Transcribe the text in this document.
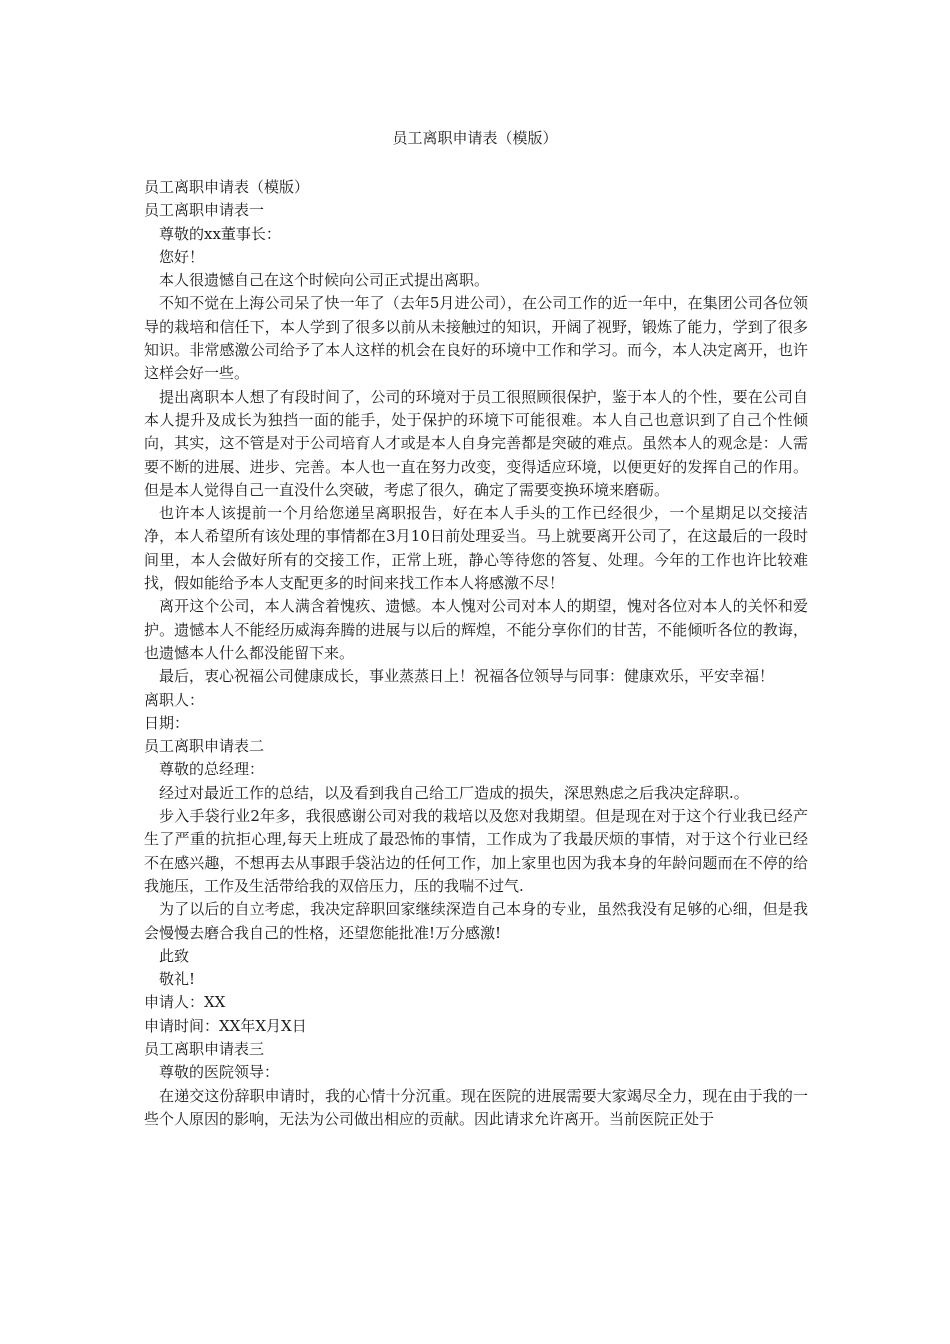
员工离职申请表（模版）

员工离职申请表（模版）

员工离职申请表一

尊敬的xx董事长：

您好！

本人很遗憾自己在这个时候向公司正式提出离职。

不知不觉在上海公司呆了快一年了（去年5月进公司），在公司工作的近一年中，在集团公司各位领导的栽培和信任下，本人学到了很多以前从未接触过的知识，开阔了视野，锻炼了能力，学到了很多知识。非常感激公司给予了本人这样的机会在良好的环境中工作和学习。而今，本人决定离开，也许这样会好一些。

提出离职本人想了有段时间了，公司的环境对于员工很照顾很保护，鉴于本人的个性，要在公司自本人提升及成长为独挡一面的能手，处于保护的环境下可能很难。本人自己也意识到了自己个性倾向，其实，这不管是对于公司培育人才或是本人自身完善都是突破的难点。虽然本人的观念是：人需要不断的进展、进步、完善。本人也一直在努力改变，变得适应环境，以便更好的发挥自己的作用。但是本人觉得自己一直没什么突破，考虑了很久，确定了需要变换环境来磨砺。

也许本人该提前一个月给您递呈离职报告，好在本人手头的工作已经很少，一个星期足以交接洁净，本人希望所有该处理的事情都在3月10日前处理妥当。马上就要离开公司了，在这最后的一段时间里，本人会做好所有的交接工作，正常上班，静心等待您的答复、处理。今年的工作也许比较难找，假如能给予本人支配更多的时间来找工作本人将感激不尽！

离开这个公司，本人满含着愧疚、遗憾。本人愧对公司对本人的期望，愧对各位对本人的关怀和爱护。遗憾本人不能经历威海奔腾的进展与以后的辉煌，不能分享你们的甘苦，不能倾听各位的教诲，也遗憾本人什么都没能留下来。

最后，衷心祝福公司健康成长，事业蒸蒸日上！祝福各位领导与同事：健康欢乐，平安幸福！

离职人：

日期：

员工离职申请表二

尊敬的总经理：

经过对最近工作的总结，以及看到我自己给工厂造成的损失，深思熟虑之后我决定辞职.。

步入手袋行业2年多，我很感谢公司对我的栽培以及您对我期望。但是现在对于这个行业我已经产生了严重的抗拒心理,每天上班成了最恐怖的事情，工作成为了我最厌烦的事情，对于这个行业已经不在感兴趣，不想再去从事跟手袋沾边的任何工作，加上家里也因为我本身的年龄问题而在不停的给我施压，工作及生活带给我的双倍压力，压的我喘不过气.

为了以后的自立考虑，我决定辞职回家继续深造自己本身的专业，虽然我没有足够的心细，但是我会慢慢去磨合我自己的性格，还望您能批准!万分感激!

此致

敬礼!

申请人：XX

申请时间：XX年X月X日

员工离职申请表三

尊敬的医院领导：

在递交这份辞职申请时，我的心情十分沉重。现在医院的进展需要大家竭尽全力，现在由于我的一些个人原因的影响，无法为公司做出相应的贡献。因此请求允许离开。当前医院正处于
